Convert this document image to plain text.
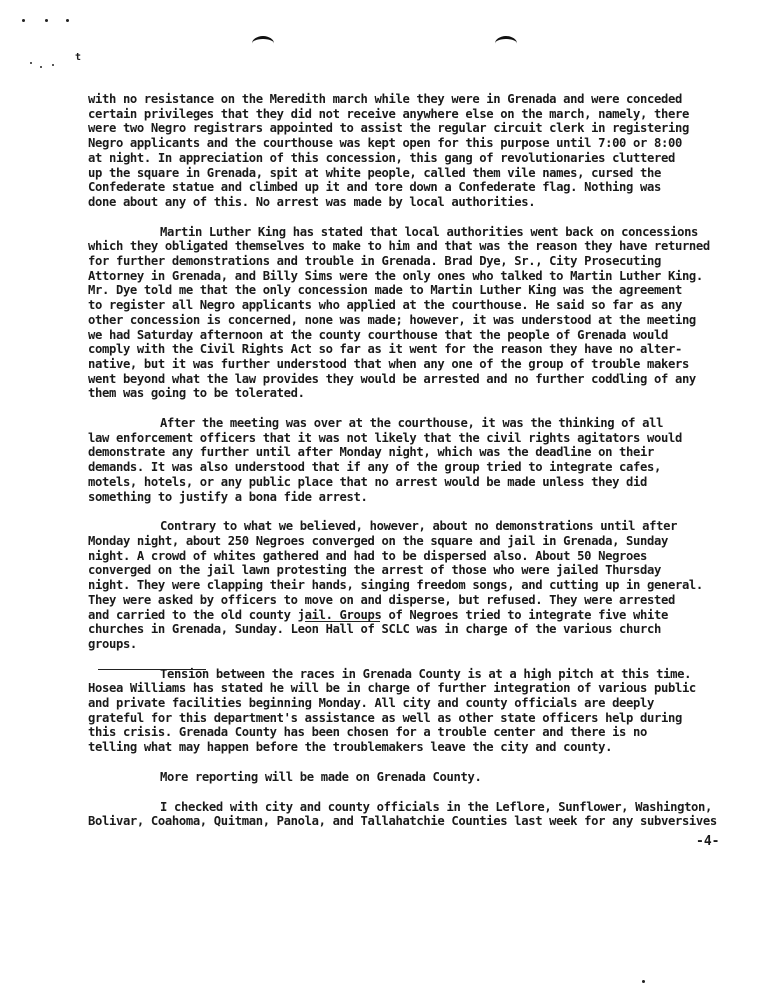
t
with no resistance on the Meredith march while they were in Grenada and were conceded
certain privileges that they did not receive anywhere else on the march, namely, there
were two Negro registrars appointed to assist the regular circuit clerk in registering
Negro applicants and the courthouse was kept open for this purpose until 7:00 or 8:00
at night. In appreciation of this concession, this gang of revolutionaries cluttered
up the square in Grenada, spit at white people, called them vile names, cursed the
Confederate statue and climbed up it and tore down a Confederate flag. Nothing was
done about any of this. No arrest was made by local authorities.
Martin Luther King has stated that local authorities went back on concessions
which they obligated themselves to make to him and that was the reason they have returned
for further demonstrations and trouble in Grenada. Brad Dye, Sr., City Prosecuting
Attorney in Grenada, and Billy Sims were the only ones who talked to Martin Luther King.
Mr. Dye told me that the only concession made to Martin Luther King was the agreement
to register all Negro applicants who applied at the courthouse. He said so far as any
other concession is concerned, none was made; however, it was understood at the meeting
we had Saturday afternoon at the county courthouse that the people of Grenada would
comply with the Civil Rights Act so far as it went for the reason they have no alter-
native, but it was further understood that when any one of the group of trouble makers
went beyond what the law provides they would be arrested and no further coddling of any
them was going to be tolerated.
After the meeting was over at the courthouse, it was the thinking of all
law enforcement officers that it was not likely that the civil rights agitators would
demonstrate any further until after Monday night, which was the deadline on their
demands. It was also understood that if any of the group tried to integrate cafes,
motels, hotels, or any public place that no arrest would be made unless they did
something to justify a bona fide arrest.
Contrary to what we believed, however, about no demonstrations until after
Monday night, about 250 Negroes converged on the square and jail in Grenada, Sunday
night. A crowd of whites gathered and had to be dispersed also. About 50 Negroes
converged on the jail lawn protesting the arrest of those who were jailed Thursday
night. They were clapping their hands, singing freedom songs, and cutting up in general.
They were asked by officers to move on and disperse, but refused. They were arrested
and carried to the old county jail. Groups of Negroes tried to integrate five white
churches in Grenada, Sunday. Leon Hall of SCLC was in charge of the various church
groups.
Tension between the races in Grenada County is at a high pitch at this time.
Hosea Williams has stated he will be in charge of further integration of various public
and private facilities beginning Monday. All city and county officials are deeply
grateful for this department's assistance as well as other state officers help during
this crisis. Grenada County has been chosen for a trouble center and there is no
telling what may happen before the troublemakers leave the city and county.
More reporting will be made on Grenada County.
I checked with city and county officials in the Leflore, Sunflower, Washington,
Bolivar, Coahoma, Quitman, Panola, and Tallahatchie Counties last week for any subversives
-4-
